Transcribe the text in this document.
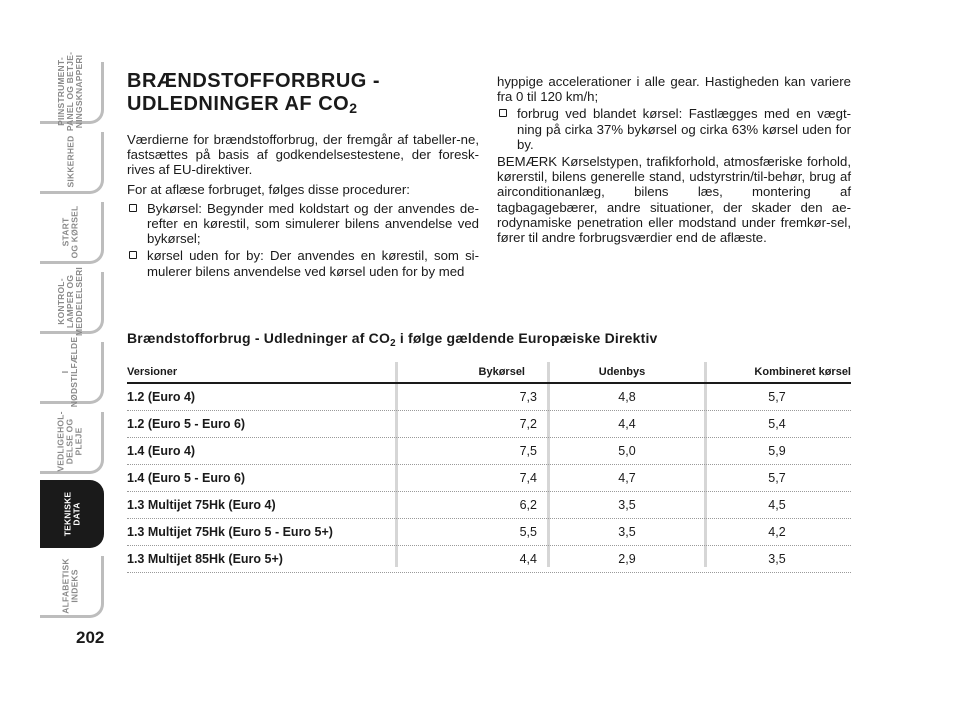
PIINSTRUMENT-
PANEL OG BETJE-
NINGSKNAPPERI
SIKKERHED
START
OG KØRSEL
KONTROL-
LAMPER OG
MEDDELELSERI
I
NØDSTILFÆLDE
VEDLIGEHOL-
DELSE OG
PLEJE
TEKNISKE
DATA
ALFABETISK
INDEKS
202
BRÆNDSTOFFORBRUG -
UDLEDNINGER AF $CO_2$

Værdierne for brændstofforbrug, der fremgår af tabeller-ne, fastsættes på basis af godkendelsestestene, der foresk-rives af EU-direktiver.

For at aflæse forbruget, følges disse procedurer:

Bykørsel: Begynder med koldstart og der anvendes de-refter en kørestil, som simulerer bilens anvendelse ved bykørsel;
kørsel uden for by: Der anvendes en kørestil, som si-mulerer bilens anvendelse ved kørsel uden for by med

hyppige accelerationer i alle gear. Hastigheden kan variere fra 0 til 120 km/h;

forbrug ved blandet kørsel: Fastlægges med en vægt-ning på cirka 37% bykørsel og cirka 63% kørsel uden for by.

BEMÆRK Kørselstypen, trafikforhold, atmosfæriske forhold, kørerstil, bilens generelle stand, udstyrstrin/til-behør, brug af airconditionanlæg, bilens læs, montering af tagbagagebærer, andre situationer, der skader den ae-rodynamiske penetration eller modstand under fremkør-sel, fører til andre forbrugsværdier end de aflæste.

Brændstofforbrug - Udledninger af $CO_2$ i følge gældende Europæiske Direktiv
Versioner	Bykørsel	Udenbys	Kombineret kørsel
1.2 (Euro 4)	7,3	4,8	5,7
1.2 (Euro 5 - Euro 6)	7,2	4,4	5,4
1.4 (Euro 4)	7,5	5,0	5,9
1.4 (Euro 5 - Euro 6)	7,4	4,7	5,7
1.3 Multijet 75Hk (Euro 4)	6,2	3,5	4,5
1.3 Multijet 75Hk (Euro 5 - Euro 5+)	5,5	3,5	4,2
1.3 Multijet 85Hk (Euro 5+)	4,4	2,9	3,5
